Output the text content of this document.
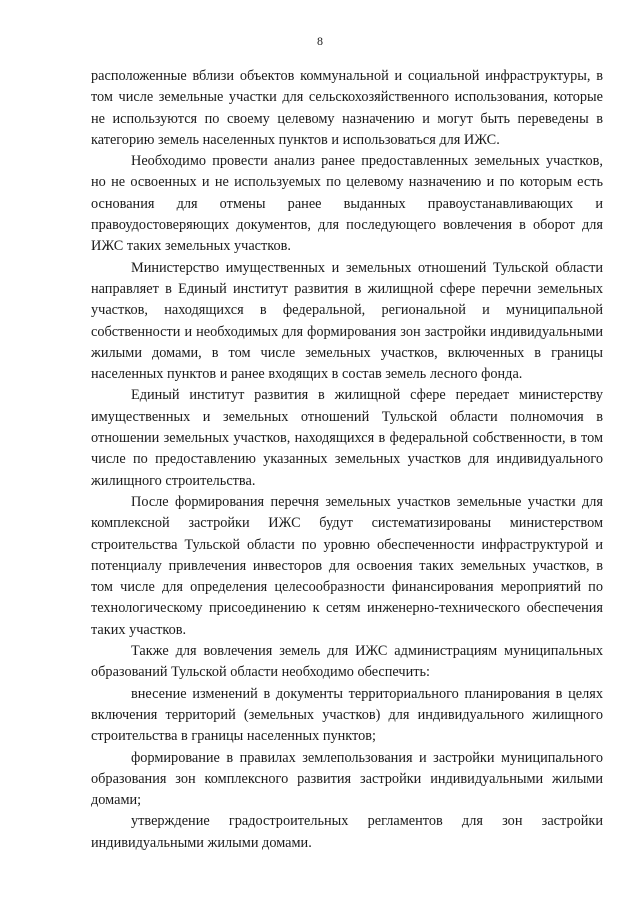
8

расположенные вблизи объектов коммунальной и социальной инфраструктуры, в том числе земельные участки для сельскохозяйственного использования, которые не используются по своему целевому назначению и могут быть переведены в категорию земель населенных пунктов и использоваться для ИЖС.

Необходимо провести анализ ранее предоставленных земельных участков, но не освоенных и не используемых по целевому назначению и по которым есть основания для отмены ранее выданных правоустанавливающих и правоудостоверяющих документов, для последующего вовлечения в оборот для ИЖС таких земельных участков.

Министерство имущественных и земельных отношений Тульской области направляет в Единый институт развития в жилищной сфере перечни земельных участков, находящихся в федеральной, региональной и муниципальной собственности и необходимых для формирования зон застройки индивидуальными жилыми домами, в том числе земельных участков, включенных в границы населенных пунктов и ранее входящих в состав земель лесного фонда.

Единый институт развития в жилищной сфере передает министерству имущественных и земельных отношений Тульской области полномочия в отношении земельных участков, находящихся в федеральной собственности, в том числе по предоставлению указанных земельных участков для индивидуального жилищного строительства.

После формирования перечня земельных участков земельные участки для комплексной застройки ИЖС будут систематизированы министерством строительства Тульской области по уровню обеспеченности инфраструктурой и потенциалу привлечения инвесторов для освоения таких земельных участков, в том числе для определения целесообразности финансирования мероприятий по технологическому присоединению к сетям инженерно-технического обеспечения таких участков.

Также для вовлечения земель для ИЖС администрациям муниципальных образований Тульской области необходимо обеспечить:

внесение изменений в документы территориального планирования в целях включения территорий (земельных участков) для индивидуального жилищного строительства в границы населенных пунктов;

формирование в правилах землепользования и застройки муниципального образования зон комплексного развития застройки индивидуальными жилыми домами;

утверждение градостроительных регламентов для зон застройки индивидуальными жилыми домами.
